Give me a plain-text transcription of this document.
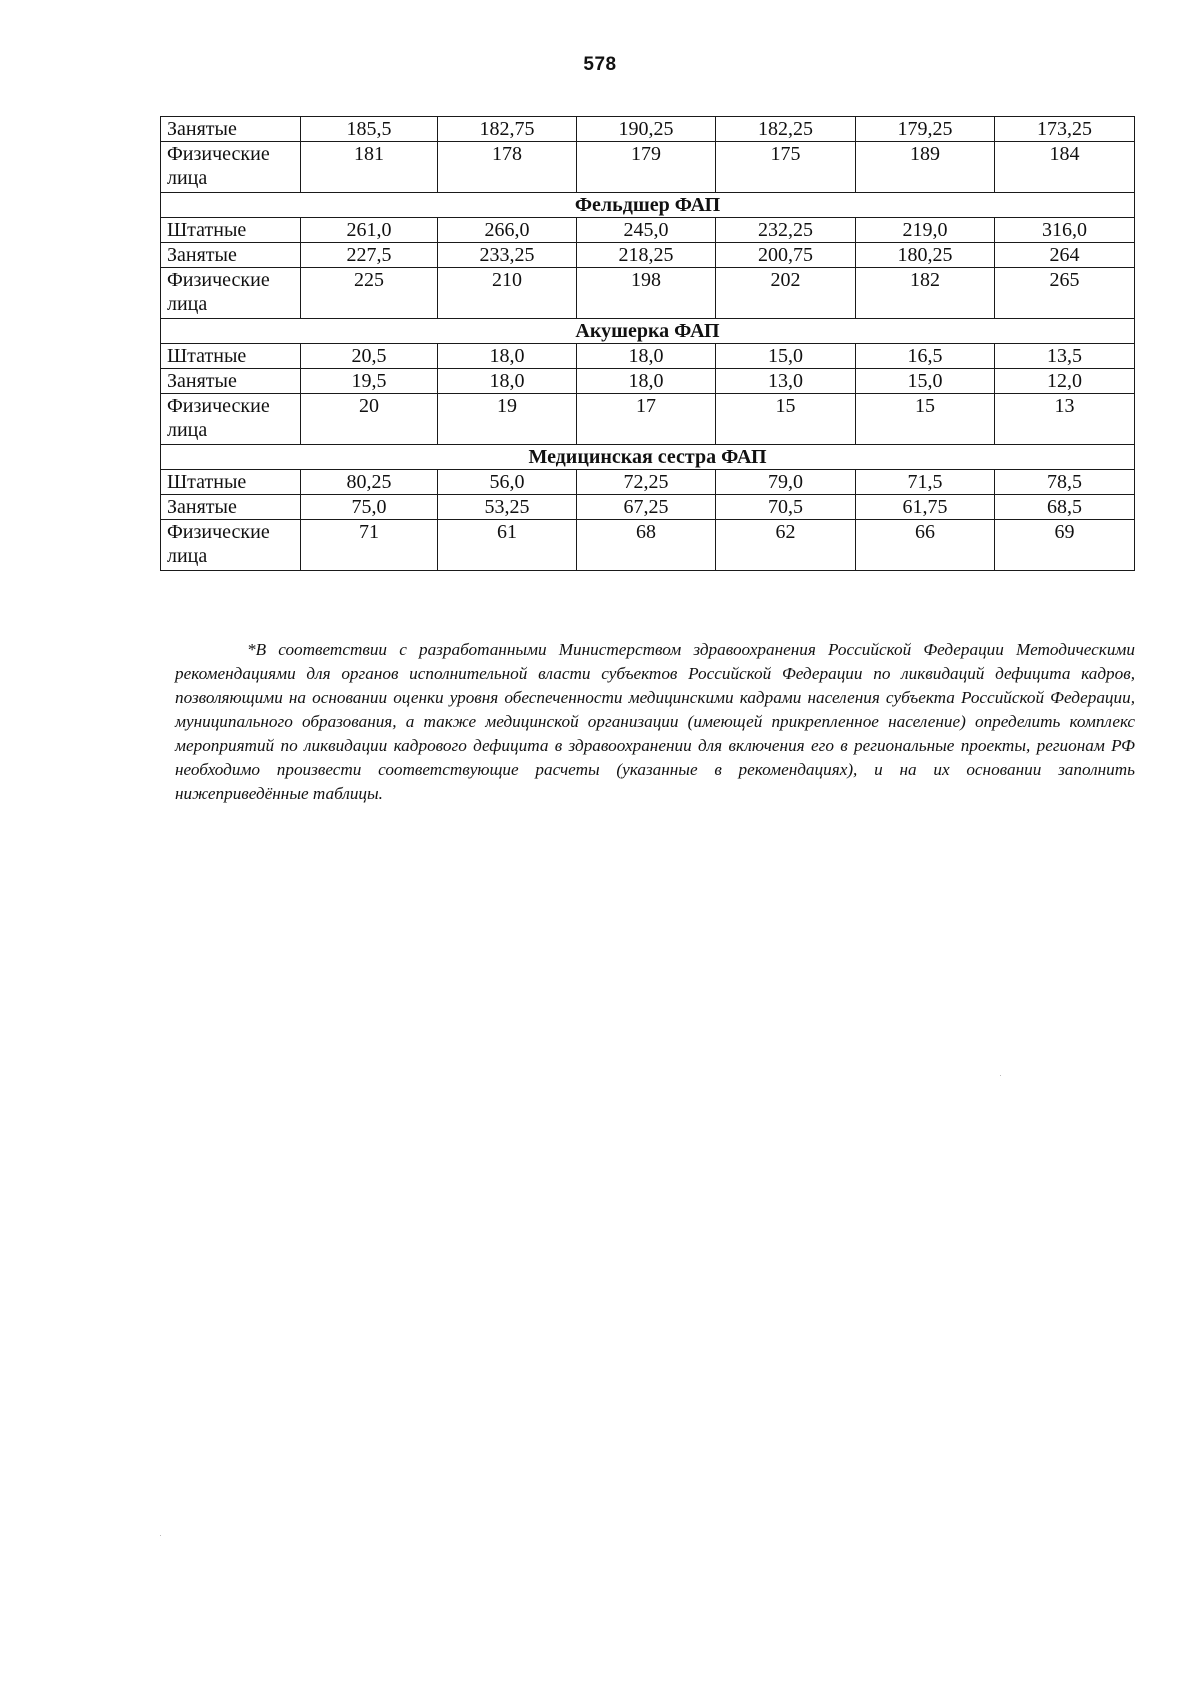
578
Занятые	185,5	182,75	190,25	182,25	179,25	173,25
Физические лица	181	178	179	175	189	184
Фельдшер ФАП						
Штатные	261,0	266,0	245,0	232,25	219,0	316,0
Занятые	227,5	233,25	218,25	200,75	180,25	264
Физические лица	225	210	198	202	182	265
Акушерка ФАП						
Штатные	20,5	18,0	18,0	15,0	16,5	13,5
Занятые	19,5	18,0	18,0	13,0	15,0	12,0
Физические лица	20	19	17	15	15	13
Медицинская сестра ФАП						
Штатные	80,25	56,0	72,25	79,0	71,5	78,5
Занятые	75,0	53,25	67,25	70,5	61,75	68,5
Физические лица	71	61	68	62	66	69

*В соответствии с разработанными Министерством здравоохранения Российской Федерации Методическими рекомендациями для органов исполнительной власти субъектов Российской Федерации по ликвидаций дефицита кадров, позволяющими на основании оценки уровня обеспеченности медицинскими кадрами населения субъекта Российской Федерации, муниципального образования, а также медицинской организации (имеющей прикрепленное население) определить комплекс мероприятий по ликвидации кадрового дефицита в здравоохранении для включения его в региональные проекты, регионам РФ необходимо произвести соответствующие расчеты (указанные в рекомендациях), и на их основании заполнить нижеприведённые таблицы.
